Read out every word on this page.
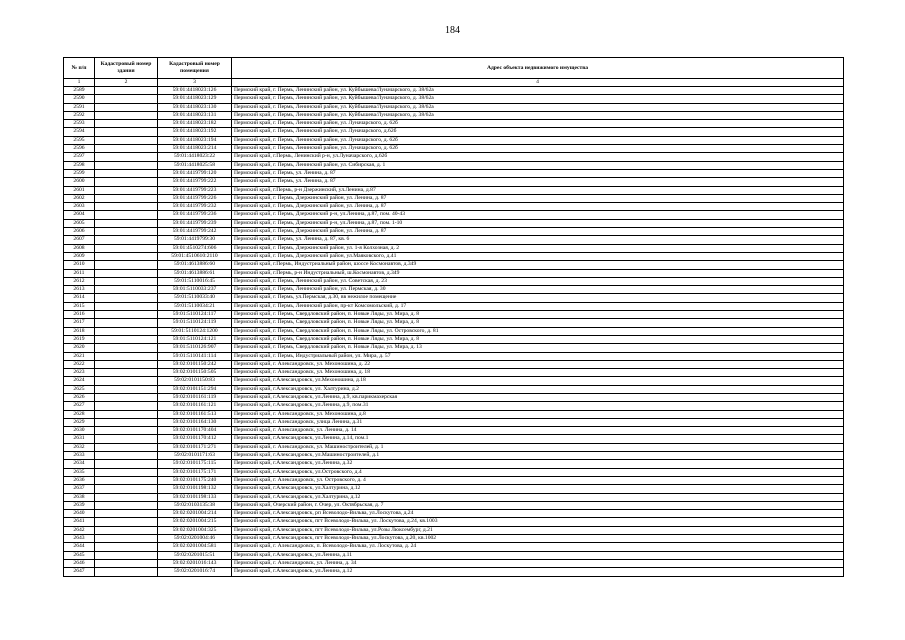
184
№ п/п	Кадастровый номер здания	Кадастровый номер помещения	Адрес объекта недвижимого имущества
1	2	3	4
2589		59:01:4418023:126	Пермский край, г. Пермь, Ленинский район, ул. Куйбышева/Луначарского, д. 38/62а
2590		59:01:4418023:129	Пермский край, г. Пермь, Ленинский район, ул. Куйбышева/Луначарского, д. 38/62а
2591		59:01:4418023:130	Пермский край, г. Пермь, Ленинский район, ул. Куйбышева/Луначарского, д. 38/62а
2592		59:01:4418023:131	Пермский край, г. Пермь, Ленинский район, ул. Куйбышева/Луначарского, д. 38/62а
2593		59:01:4418023:182	Пермский край, г. Пермь, Ленинский район, ул. Луначарского, д. 62б
2594		59:01:4418023:192	Пермский край, г. Пермь, Ленинский район, ул. Луначарского, д.62б
2595		59:01:4418023:194	Пермский край, г. Пермь, Ленинский район, ул. Луначарского, д. 62б
2596		59:01:4418023:214	Пермский край, г. Пермь, Ленинский район, ул. Луначарского, д. 62б
2597		59:01:4418023:22	Пермский край, г.Пермь, Ленинский р-н, ул.Луначарского, д.62б
2598		59:01:4418025:58	Пермский край, г. Пермь, Ленинский район, ул. Сибирская, д. 1
2599		59:01:4419799:120	Пермский край, г. Пермь, ул. Ленина, д. 87
2600		59:01:4419799:222	Пермский край, г. Пермь, ул. Ленина, д. 87
2601		59:01:4419799:223	Пермский край, г.Пермь, р-н Дзержинский, ул.Ленина, д.87
2602		59:01:4419799:226	Пермский край, г. Пермь, Дзержинский район, ул. Ленина, д. 87
2603		59:01:4419799:232	Пермский край, г. Пермь, Дзержинский район, ул. Ленина, д. 87
2604		59:01:4419799:236	Пермский край, г. Пермь, Дзержинский р-н, ул.Ленина, д.87, пом. 40-43
2605		59:01:4419799:239	Пермский край, г. Пермь, Дзержинский р-н, ул.Ленина, д.87, пом. 1-10
2606		59:01:4419799:242	Пермский край, г. Пермь, Дзержинский район, ул. Ленина, д. 87
2607		59:01:4419799:30	Пермский край, г. Пермь, ул. Ленина, д. 87, кв. 6
2608		59:01:4510274:606	Пермский край, г. Пермь, Дзержинский район, ул. 1-я Колхозная, д. 2
2609		59:01:4510610:2110	Пермский край, г. Пермь, Дзержинский район, ул.Маяковского, д.41
2610		59:01:4613886:60	Пермский край, г.Пермь, Индустриальный район, шоссе Космонавтов, д.349
2611		59:01:4613886:61	Пермский край, г.Пермь, р-н Индустриальный, ш.Космонавтов, д.349
2612		59:01:5110016:45	Пермский край, г. Пермь, Ленинский район, ул. Советская, д. 23
2613		59:01:5110033:237	Пермский край, г. Пермь, Ленинский район, ул. Пермская, д. 30
2614		59:01:5110033:40	Пермский край, г. Пермь, ул.Пермская, д.30, вв нежилое помещение
2615		59:01:5110034:21	Пермский край, г. Пермь, Ленинский район, пр-кт Комсомольский, д. 17
2616		59:01:5110124:117	Пермский край, г. Пермь, Свердловский район, п. Новые Ляды, ул. Мира, д. 8
2617		59:01:5110124:119	Пермский край, г. Пермь, Свердловский район, п. Новые Ляды, ул. Мира, д. 8
2618		59:01:5110124:1200	Пермский край, г. Пермь, Свердловский район, п. Новые Ляды, ул. Островского, д. 81
2619		59:01:5110124:121	Пермский край, г. Пермь, Свердловский район, п. Новые Ляды, ул. Мира, д. 8
2620		59:01:5110126:907	Пермский край, г. Пермь, Свердловский район, п. Новые Ляды, ул. Мира, д. 13
2621		59:01:5110141:114	Пермский край, г. Пермь, Индустриальный район, ул. Мира, д. 57
2622		59:02:0101150:242	Пермский край, г. Александровск, ул. Мехоношина, д. 22
2623		59:02:0101150:505	Пермский край, г. Александровск, ул. Мехоношина, д. 18
2624		59:02:0101150:83	Пермский край, г.Александровск, ул.Мехоношина, д.18
2625		59:02:0101151:294	Пермский край, г.Александровск, ул. Халтурина, д.2
2626		59:02:0101161:119	Пермский край, г.Александровск, ул.Ленина, д.9, кв.парикмахерская
2627		59:02:0101161:121	Пермский край, г.Александровск, ул.Ленина, д.9, пом.31
2628		59:02:0101161:513	Пермский край, г. Александровск, ул. Мехоношина, д.8
2629		59:02:0101164:130	Пермский край, г. Александровск, улица Ленина, д.31
2630		59:02:0101170:404	Пермский край, г. Александровск, ул. Ленина, д. 14
2631		59:02:0101170:412	Пермский край, г.Александровск, ул.Ленина, д.14, пом.1
2632		59:02:0101171:271	Пермский край, г. Александровск, ул. Машиностроителей, д. 1
2633		59:02:0101171:63	Пермский край, г.Александровск, ул.Машиностроителей, д.1
2634		59:02:0101175:115	Пермский край, г.Александровск, ул.Ленина, д.32
2635		59:02:0101175:171	Пермский край, г.Александровск, ул.Островского, д.4
2636		59:02:0101175:240	Пермский край, г. Александровск, ул. Островского, д. 4
2637		59:02:0101198:132	Пермский край, г.Александровск, ул.Халтурина, д.12
2638		59:02:0101198:133	Пермский край, г.Александровск, ул.Халтурина, д.12
2639		59:02:0103135:38	Пермский край, Очерский район, г. Очер, ул. Октябрьская, д. 7
2640		59:02:0201004:214	Пермский край, г.Александровск, рп Всеволодо-Вильва, ул.Лоскутова, д.24
2641		59:02:0201004:215	Пермский край, г.Александровск, пгт Всеволодо-Вильва, ул. Лоскутова, д.24, кв.1003
2642		59:02:0201004:325	Пермский край, г.Александровск, пгт Всеволодо-Вильва, ул.Розы Люксембург, д.21
2643		59:02:0201004:46	Пермский край, г.Александровск, пгт Всеволодо-Вильва, ул.Лоскутова, д.20, кв.1002
2644		59:02:0201004:581	Пермский край, г. Александровск, п. Всеволодо-Вильва, ул. Лоскутова, д. 24
2645		59:02:0201015:51	Пермский край, г.Александровск, ул.Ленина, д.11
2646		59:02:0201016:143	Пермский край, г. Александровск, ул. Ленина, д. 34
2647		59:02:0201016:74	Пермский край, г.Александровск, ул.Ленина, д.12
